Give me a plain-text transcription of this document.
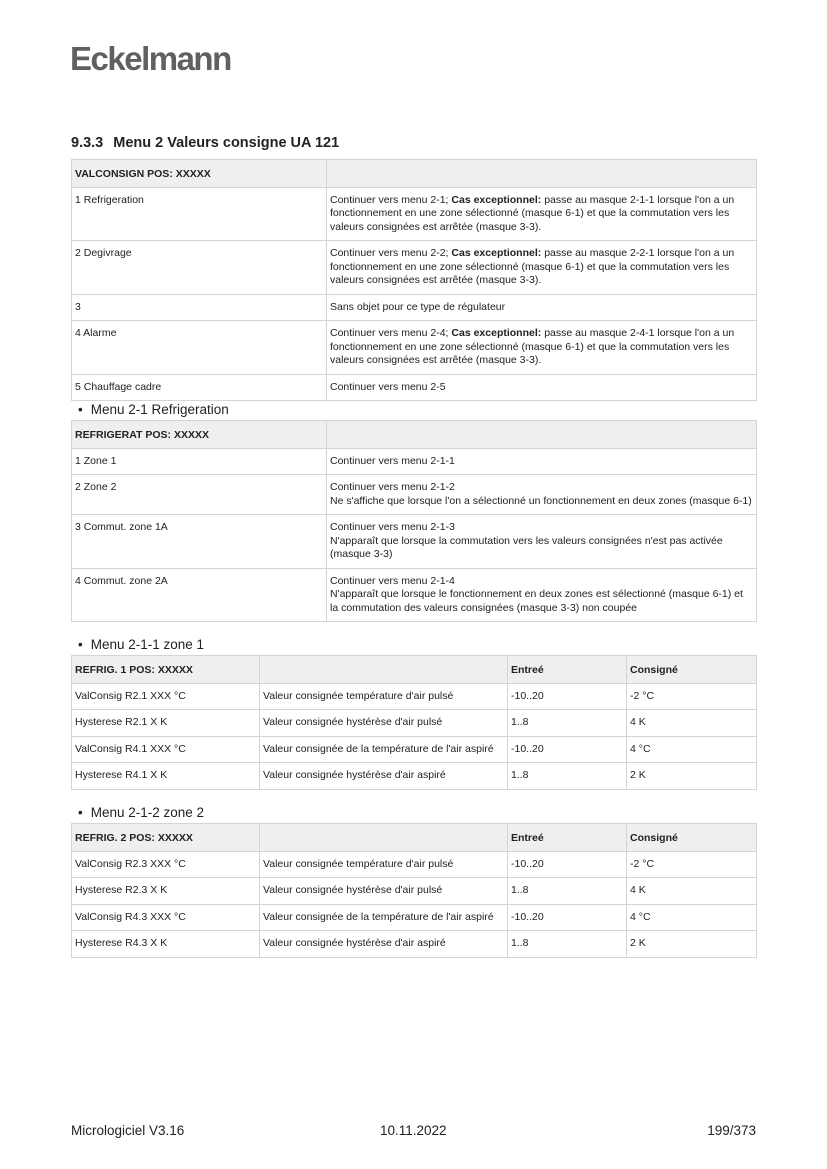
Eckelmann
9.3.3 Menu 2 Valeurs consigne UA 121
VALCONSIGN POS: XXXXX	
1 Refrigeration	Continuer vers menu 2-1; Cas exceptionnel: passe au masque 2-1-1 lorsque l'on a un fonctionnement en une zone sélectionné (masque 6-1) et que la commutation vers les valeurs consignées est arrêtée (masque 3-3).
2 Degivrage	Continuer vers menu 2-2; Cas exceptionnel: passe au masque 2-2-1 lorsque l'on a un fonctionnement en une zone sélectionné (masque 6-1) et que la commutation vers les valeurs consignées est arrêtée (masque 3-3).
3	Sans objet pour ce type de régulateur
4 Alarme	Continuer vers menu 2-4; Cas exceptionnel: passe au masque 2-4-1 lorsque l'on a un fonctionnement en une zone sélectionné (masque 6-1) et que la commutation vers les valeurs consignées est arrêtée (masque 3-3).
5 Chauffage cadre	Continuer vers menu 2-5
• Menu 2-1 Refrigeration
REFRIGERAT POS: XXXXX	
1 Zone 1	Continuer vers menu 2-1-1

2 Zone 2	Continuer vers menu 2-1-2
Ne s'affiche que lorsque l'on a sélectionné un fonctionnement en deux zones (masque 6-1)

3 Commut. zone 1A	Continuer vers menu 2-1-3
N'apparaît que lorsque la commutation vers les valeurs consignées n'est pas activée (masque 3-3)

4 Commut. zone 2A	Continuer vers menu 2-1-4
N'apparaît que lorsque le fonctionnement en deux zones est sélectionné (masque 6-1) et la commutation des valeurs consignées (masque 3-3) non coupée
• Menu 2-1-1 zone 1
REFRIG. 1 POS: XXXXX		Entreé	Consigné
ValConsig R2.1 XXX °C	Valeur consignée température d'air pulsé	-10..20	-2 °C
Hysterese R2.1 X K	Valeur consignée hystérèse d'air pulsé	1..8	4 K
ValConsig R4.1 XXX °C	Valeur consignée de la température de l'air aspiré	-10..20	4 °C
Hysterese R4.1 X K	Valeur consignée hystérèse d'air aspiré	1..8	2 K
• Menu 2-1-2 zone 2
REFRIG. 2 POS: XXXXX		Entreé	Consigné
ValConsig R2.3 XXX °C	Valeur consignée température d'air pulsé	-10..20	-2 °C
Hysterese R2.3 X K	Valeur consignée hystérèse d'air pulsé	1..8	4 K
ValConsig R4.3 XXX °C	Valeur consignée de la température de l'air aspiré	-10..20	4 °C
Hysterese R4.3 X K	Valeur consignée hystérèse d'air aspiré	1..8	2 K
Micrologiciel V3.16	10.11.2022	199/373
